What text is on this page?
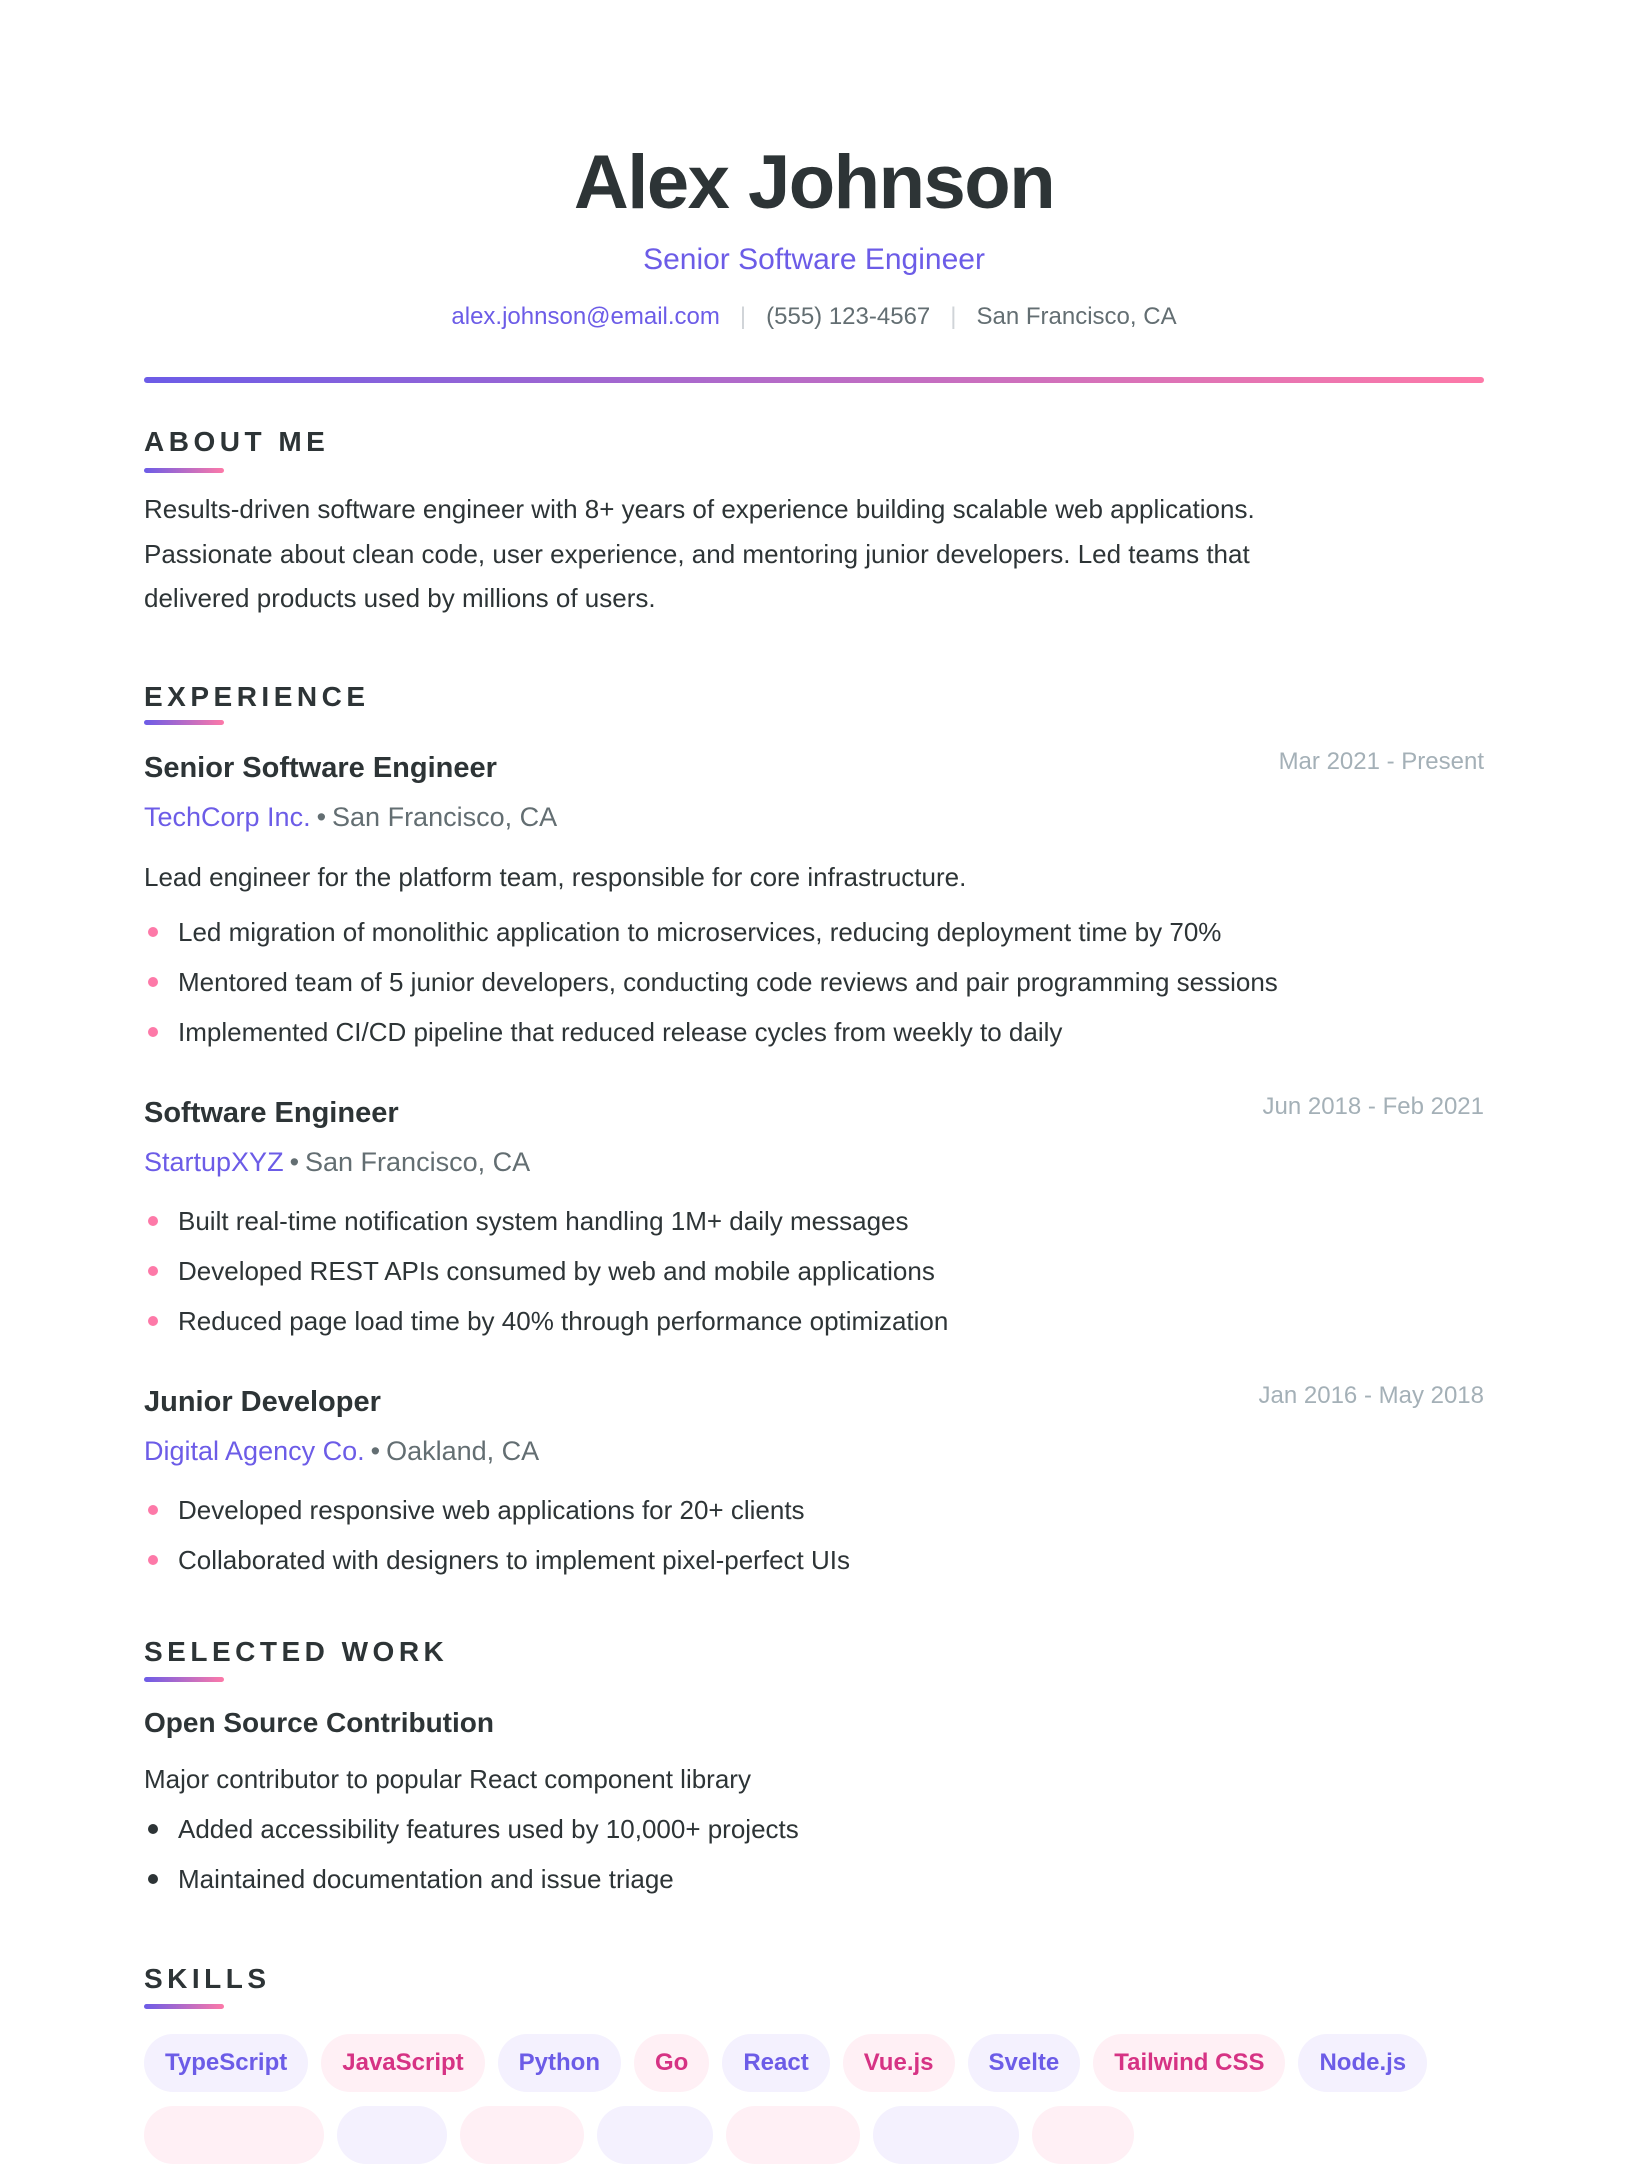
Alex Johnson
Senior Software Engineer
alex.johnson@email.com | (555) 123-4567 | San Francisco, CA
ABOUT ME
Results-driven software engineer with 8+ years of experience building scalable web applications.
Passionate about clean code, user experience, and mentoring junior developers. Led teams that
delivered products used by millions of users.
EXPERIENCE
Senior Software Engineer	Mar 2021 - Present
TechCorp Inc. • San Francisco, CA
Lead engineer for the platform team, responsible for core infrastructure.
Led migration of monolithic application to microservices, reducing deployment time by 70%
Mentored team of 5 junior developers, conducting code reviews and pair programming sessions
Implemented CI/CD pipeline that reduced release cycles from weekly to daily
Software Engineer	Jun 2018 - Feb 2021
StartupXYZ • San Francisco, CA
Built real-time notification system handling 1M+ daily messages
Developed REST APIs consumed by web and mobile applications
Reduced page load time by 40% through performance optimization
Junior Developer	Jan 2016 - May 2018
Digital Agency Co. • Oakland, CA
Developed responsive web applications for 20+ clients
Collaborated with designers to implement pixel-perfect UIs
SELECTED WORK
Open Source Contribution
Major contributor to popular React component library
Added accessibility features used by 10,000+ projects
Maintained documentation and issue triage
SKILLS
TypeScript	JavaScript	Python	Go	React	Vue.js	Svelte	Tailwind CSS	Node.js
